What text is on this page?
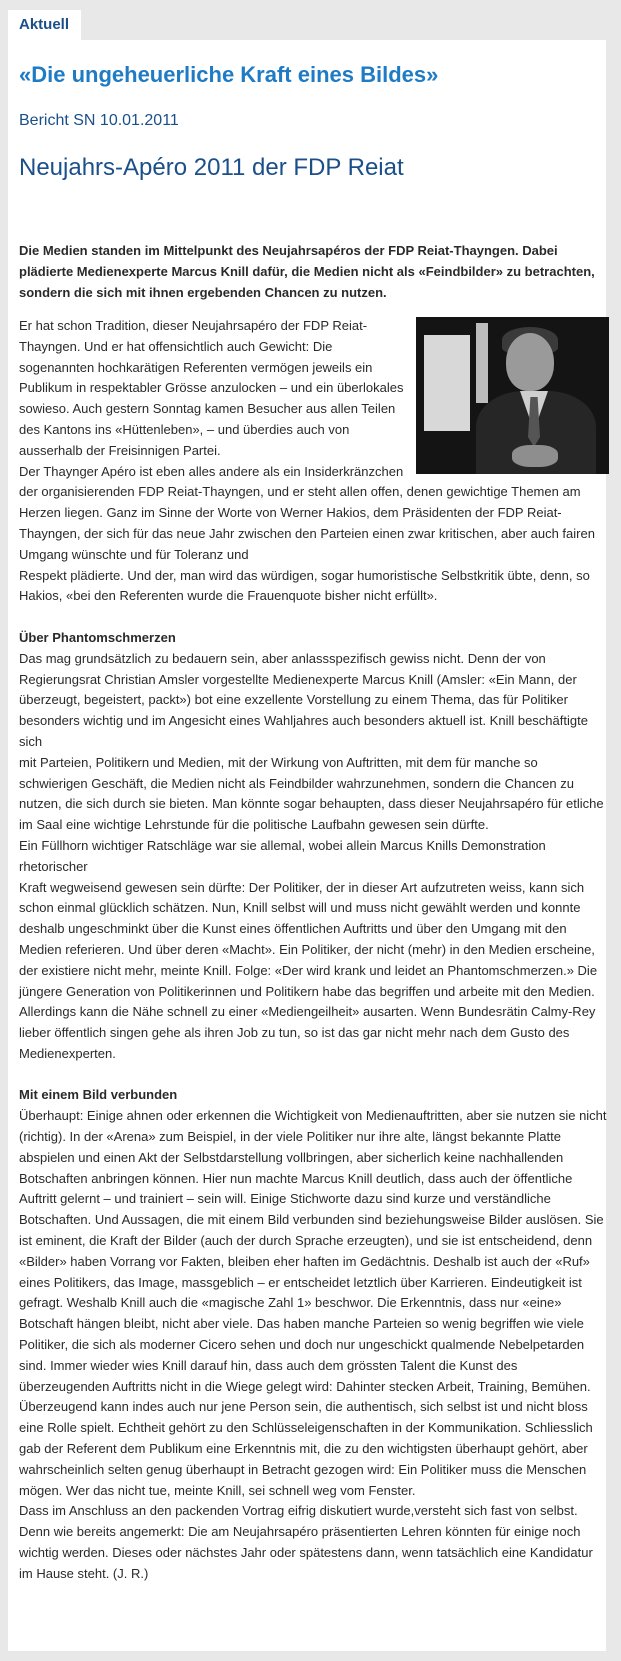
Aktuell
«Die ungeheuerliche Kraft eines Bildes»
Bericht SN 10.01.2011
Neujahrs-Apéro 2011 der FDP Reiat
Die Medien standen im Mittelpunkt des Neujahrsapéros der FDP Reiat-Thayngen. Dabei plädierte Medienexperte Marcus Knill dafür, die Medien nicht als «Feindbilder» zu betrachten, sondern die sich mit ihnen ergebenden Chancen zu nutzen.

Er hat schon Tradition, dieser Neujahrsapéro der FDP Reiat-Thayngen. Und er hat offensichtlich auch Gewicht: Die sogenannten hochkarätigen Referenten vermögen jeweils ein Publikum in respektabler Grösse anzulocken – und ein überlokales sowieso. Auch gestern Sonntag kamen Besucher aus allen Teilen des Kantons ins «Hüttenleben», – und überdies auch von ausserhalb der Freisinnigen Partei.

Der Thaynger Apéro ist eben alles andere als ein Insiderkränzchen der organisierenden FDP Reiat-Thayngen, und er steht allen offen, denen gewichtige Themen am Herzen liegen. Ganz im Sinne der Worte von Werner Hakios, dem Präsidenten der FDP Reiat-Thayngen, der sich für das neue Jahr zwischen den Parteien einen zwar kritischen, aber auch fairen Umgang wünschte und für Toleranz und

Respekt plädierte. Und der, man wird das würdigen, sogar humoristische Selbstkritik übte, denn, so Hakios, «bei den Referenten wurde die Frauenquote bisher nicht erfüllt».

Über Phantomschmerzen

Das mag grundsätzlich zu bedauern sein, aber anlassspezifisch gewiss nicht. Denn der von Regierungsrat Christian Amsler vorgestellte Medienexperte Marcus Knill (Amsler: «Ein Mann, der überzeugt, begeistert, packt») bot eine exzellente Vorstellung zu einem Thema, das für Politiker besonders wichtig und im Angesicht eines Wahljahres auch besonders aktuell ist. Knill beschäftigte sich

mit Parteien, Politikern und Medien, mit der Wirkung von Auftritten, mit dem für manche so schwierigen Geschäft, die Medien nicht als Feindbilder wahrzunehmen, sondern die Chancen zu nutzen, die sich durch sie bieten. Man könnte sogar behaupten, dass dieser Neujahrsapéro für etliche im Saal eine wichtige Lehrstunde für die politische Laufbahn gewesen sein dürfte.

Ein Füllhorn wichtiger Ratschläge war sie allemal, wobei allein Marcus Knills Demonstration rhetorischer

Kraft wegweisend gewesen sein dürfte: Der Politiker, der in dieser Art aufzutreten weiss, kann sich schon einmal glücklich schätzen. Nun, Knill selbst will und muss nicht gewählt werden und konnte deshalb ungeschminkt über die Kunst eines öffentlichen Auftritts und über den Umgang mit den Medien referieren. Und über deren «Macht». Ein Politiker, der nicht (mehr) in den Medien erscheine, der existiere nicht mehr, meinte Knill. Folge: «Der wird krank und leidet an Phantomschmerzen.» Die jüngere Generation von Politikerinnen und Politikern habe das begriffen und arbeite mit den Medien. Allerdings kann die Nähe schnell zu einer «Mediengeilheit» ausarten. Wenn Bundesrätin Calmy-Rey lieber öffentlich singen gehe als ihren Job zu tun, so ist das gar nicht mehr nach dem Gusto des Medienexperten.

Mit einem Bild verbunden

Überhaupt: Einige ahnen oder erkennen die Wichtigkeit von Medienauftritten, aber sie nutzen sie nicht (richtig). In der «Arena» zum Beispiel, in der viele Politiker nur ihre alte, längst bekannte Platte abspielen und einen Akt der Selbstdarstellung vollbringen, aber sicherlich keine nachhallenden Botschaften anbringen können. Hier nun machte Marcus Knill deutlich, dass auch der öffentliche Auftritt gelernt – und trainiert – sein will. Einige Stichworte dazu sind kurze und verständliche Botschaften. Und Aussagen, die mit einem Bild verbunden sind beziehungsweise Bilder auslösen. Sie ist eminent, die Kraft der Bilder (auch der durch Sprache erzeugten), und sie ist entscheidend, denn «Bilder» haben Vorrang vor Fakten, bleiben eher haften im Gedächtnis. Deshalb ist auch der «Ruf» eines Politikers, das Image, massgeblich – er entscheidet letztlich über Karrieren. Eindeutigkeit ist gefragt. Weshalb Knill auch die «magische Zahl 1» beschwor. Die Erkenntnis, dass nur «eine» Botschaft hängen bleibt, nicht aber viele. Das haben manche Parteien so wenig begriffen wie viele Politiker, die sich als moderner Cicero sehen und doch nur ungeschickt qualmende Nebelpetarden sind. Immer wieder wies Knill darauf hin, dass auch dem grössten Talent die Kunst des überzeugenden Auftritts nicht in die Wiege gelegt wird: Dahinter stecken Arbeit, Training, Bemühen.

Überzeugend kann indes auch nur jene Person sein, die authentisch, sich selbst ist und nicht bloss eine Rolle spielt. Echtheit gehört zu den Schlüsseleigenschaften in der Kommunikation. Schliesslich gab der Referent dem Publikum eine Erkenntnis mit, die zu den wichtigsten überhaupt gehört, aber wahrscheinlich selten genug überhaupt in Betracht gezogen wird: Ein Politiker muss die Menschen mögen. Wer das nicht tue, meinte Knill, sei schnell weg vom Fenster.

Dass im Anschluss an den packenden Vortrag eifrig diskutiert wurde,versteht sich fast von selbst. Denn wie bereits angemerkt: Die am Neujahrsapéro präsentierten Lehren könnten für einige noch wichtig werden. Dieses oder nächstes Jahr oder spätestens dann, wenn tatsächlich eine Kandidatur im Hause steht. (J. R.)
